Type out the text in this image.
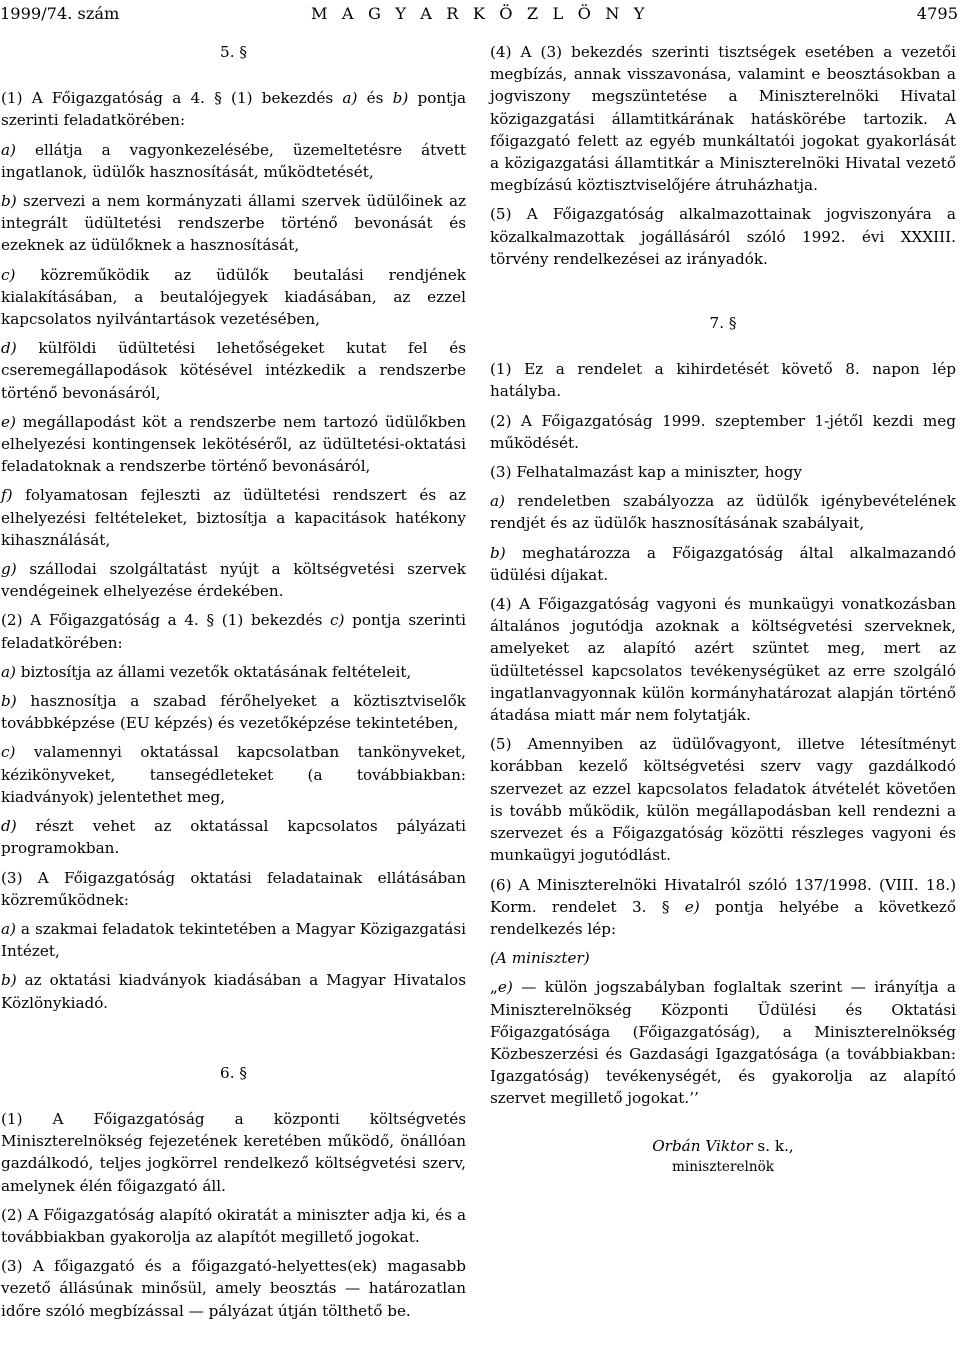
1999/74. szám	M A G Y A R K Ö Z L Ö N Y	4795

5. §

(1) A Főigazgatóság a 4. § (1) bekezdés a) és b) pontja szerinti feladatkörében:

a) ellátja a vagyonkezelésébe, üzemeltetésre átvett ingatlanok, üdülők hasznosítását, működtetését,

b) szervezi a nem kormányzati állami szervek üdülőinek az integrált üdültetési rendszerbe történő bevonását és ezeknek az üdülőknek a hasznosítását,

c) közreműködik az üdülők beutalási rendjének kialakításában, a beutalójegyek kiadásában, az ezzel kapcsolatos nyilvántartások vezetésében,

d) külföldi üdültetési lehetőségeket kutat fel és cseremegállapodások kötésével intézkedik a rendszerbe történő bevonásáról,

e) megállapodást köt a rendszerbe nem tartozó üdülőkben elhelyezési kontingensek lekötéséről, az üdültetési-oktatási feladatoknak a rendszerbe történő bevonásáról,

f) folyamatosan fejleszti az üdültetési rendszert és az elhelyezési feltételeket, biztosítja a kapacitások hatékony kihasználását,

g) szállodai szolgáltatást nyújt a költségvetési szervek vendégeinek elhelyezése érdekében.

(2) A Főigazgatóság a 4. § (1) bekezdés c) pontja szerinti feladatkörében:

a) biztosítja az állami vezetők oktatásának feltételeit,

b) hasznosítja a szabad férőhelyeket a köztisztviselők továbbképzése (EU képzés) és vezetőképzése tekintetében,

c) valamennyi oktatással kapcsolatban tankönyveket, kézikönyveket, tansegédleteket (a továbbiakban: kiadványok) jelentethet meg,

d) részt vehet az oktatással kapcsolatos pályázati programokban.

(3) A Főigazgatóság oktatási feladatainak ellátásában közreműködnek:

a) a szakmai feladatok tekintetében a Magyar Közigazgatási Intézet,

b) az oktatási kiadványok kiadásában a Magyar Hivatalos Közlönykiadó.

6. §

(1) A Főigazgatóság a központi költségvetés Miniszterelnökség fejezetének keretében működő, önállóan gazdálkodó, teljes jogkörrel rendelkező költségvetési szerv, amelynek élén főigazgató áll.

(2) A Főigazgatóság alapító okiratát a miniszter adja ki, és a továbbiakban gyakorolja az alapítót megillető jogokat.

(3) A főigazgató és a főigazgató-helyettes(ek) magasabb vezető állásúnak minősül, amely beosztás — határozatlan időre szóló megbízással — pályázat útján tölthető be.

(4) A (3) bekezdés szerinti tisztségek esetében a vezetői megbízás, annak visszavonása, valamint e beosztásokban a jogviszony megszüntetése a Miniszterelnöki Hivatal közigazgatási államtitkárának hatáskörébe tartozik. A főigazgató felett az egyéb munkáltatói jogokat gyakorlását a közigazgatási államtitkár a Miniszterelnöki Hivatal vezető megbízású köztisztviselőjére átruházhatja.

(5) A Főigazgatóság alkalmazottainak jogviszonyára a közalkalmazottak jogállásáról szóló 1992. évi XXXIII. törvény rendelkezései az irányadók.

7. §

(1) Ez a rendelet a kihirdetését követő 8. napon lép hatályba.

(2) A Főigazgatóság 1999. szeptember 1-jétől kezdi meg működését.

(3) Felhatalmazást kap a miniszter, hogy

a) rendeletben szabályozza az üdülők igénybevételének rendjét és az üdülők hasznosításának szabályait,

b) meghatározza a Főigazgatóság által alkalmazandó üdülési díjakat.

(4) A Főigazgatóság vagyoni és munkaügyi vonatkozásban általános jogutódja azoknak a költségvetési szerveknek, amelyeket az alapító azért szüntet meg, mert az üdültetéssel kapcsolatos tevékenységüket az erre szolgáló ingatlanvagyonnak külön kormányhatározat alapján történő átadása miatt már nem folytatják.

(5) Amennyiben az üdülővagyont, illetve létesítményt korábban kezelő költségvetési szerv vagy gazdálkodó szervezet az ezzel kapcsolatos feladatok átvételét követően is tovább működik, külön megállapodásban kell rendezni a szervezet és a Főigazgatóság közötti részleges vagyoni és munkaügyi jogutódlást.

(6) A Miniszterelnöki Hivatalról szóló 137/1998. (VIII. 18.) Korm. rendelet 3. § e) pontja helyébe a következő rendelkezés lép:

(A miniszter)

„e) — külön jogszabályban foglaltak szerint — irányítja a Miniszterelnökség Központi Üdülési és Oktatási Főigazgatósága (Főigazgatóság), a Miniszterelnökség Közbeszerzési és Gazdasági Igazgatósága (a továbbiakban: Igazgatóság) tevékenységét, és gyakorolja az alapító szervet megillető jogokat.’’

Orbán Viktor s. k.,
miniszterelnök
